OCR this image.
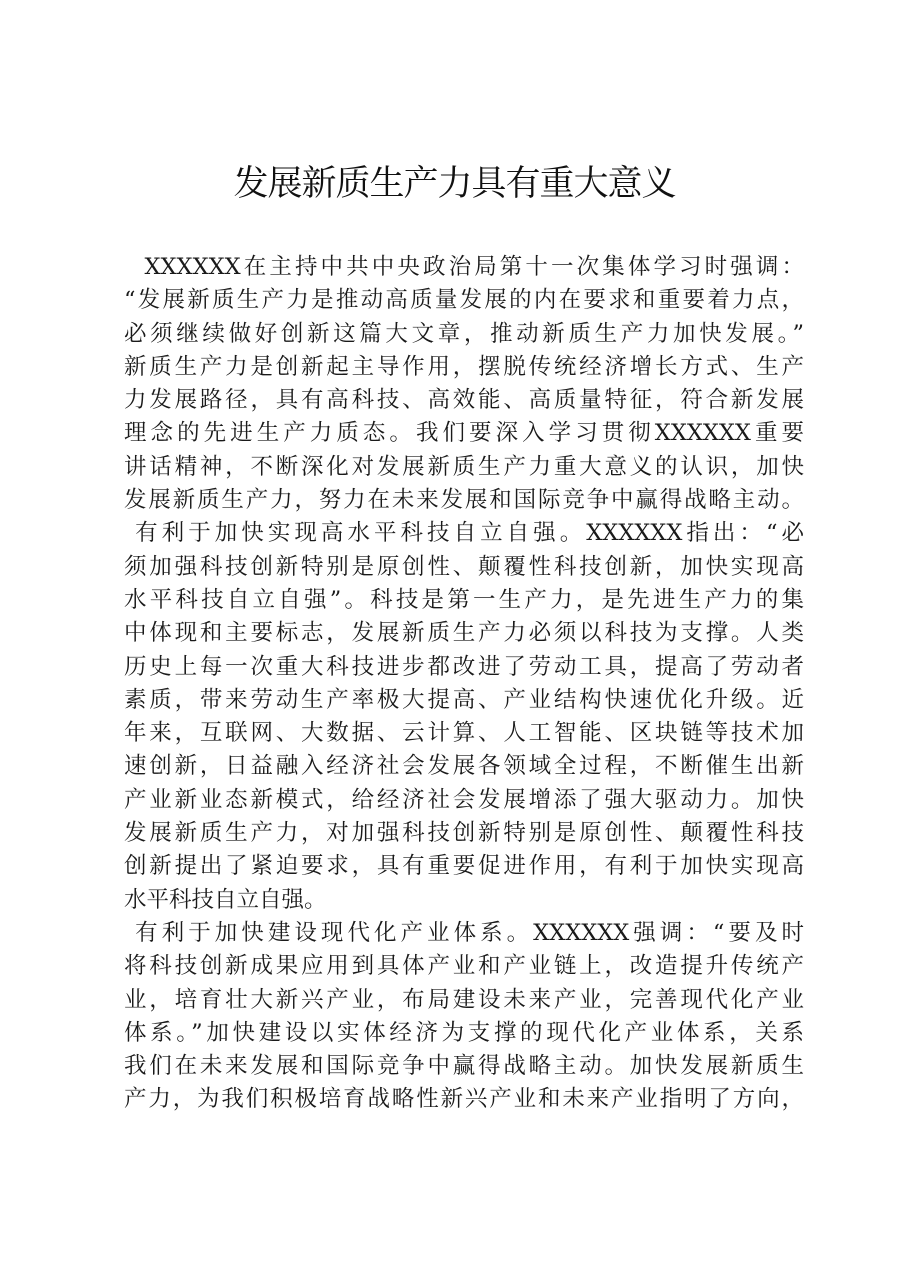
发展新质生产力具有重大意义
XXXXXX在主持中共中央政治局第十一次集体学习时强调：
“发展新质生产力是推动高质量发展的内在要求和重要着力点，
必须继续做好创新这篇大文章，推动新质生产力加快发展。”
新质生产力是创新起主导作用，摆脱传统经济增长方式、生产
力发展路径，具有高科技、高效能、高质量特征，符合新发展
理念的先进生产力质态。我们要深入学习贯彻XXXXXX重要
讲话精神，不断深化对发展新质生产力重大意义的认识，加快
发展新质生产力，努力在未来发展和国际竞争中赢得战略主动。
有利于加快实现高水平科技自立自强。XXXXXX指出：“必
须加强科技创新特别是原创性、颠覆性科技创新，加快实现高
水平科技自立自强”。科技是第一生产力，是先进生产力的集
中体现和主要标志，发展新质生产力必须以科技为支撑。人类
历史上每一次重大科技进步都改进了劳动工具，提高了劳动者
素质，带来劳动生产率极大提高、产业结构快速优化升级。近
年来，互联网、大数据、云计算、人工智能、区块链等技术加
速创新，日益融入经济社会发展各领域全过程，不断催生出新
产业新业态新模式，给经济社会发展增添了强大驱动力。加快
发展新质生产力，对加强科技创新特别是原创性、颠覆性科技
创新提出了紧迫要求，具有重要促进作用，有利于加快实现高
水平科技自立自强。
有利于加快建设现代化产业体系。XXXXXX强调：“要及时
将科技创新成果应用到具体产业和产业链上，改造提升传统产
业，培育壮大新兴产业，布局建设未来产业，完善现代化产业
体系。”加快建设以实体经济为支撑的现代化产业体系，关系
我们在未来发展和国际竞争中赢得战略主动。加快发展新质生
产力，为我们积极培育战略性新兴产业和未来产业指明了方向，
